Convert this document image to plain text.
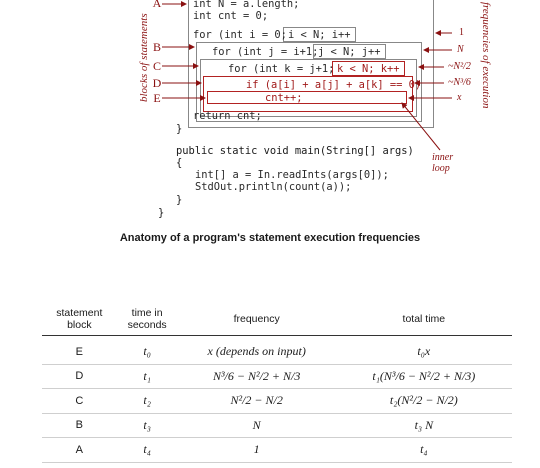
int N = a.length;
int cnt = 0;
for (int i = 0; i < N; i++
for (int j = i+1; j < N; j++
for (int k = j+1; k < N; k++
if (a[i] + a[j] + a[k] == 0)
cnt++;
return cnt;
}
public static void main(String[] args)
{
int[] a = In.readInts(args[0]);
StdOut.println(count(a));
}
}
A
B
C
D
E
blocks of statements	frequencies of execution
1
N
~N²/2
~N³/6
x
inner loop
Anatomy of a program's statement execution frequencies
statement block	time in seconds	frequency	total time
E	t₀	x (depends on input)	t₀x
D	t₁	N³/6 − N²/2 + N/3	t₁(N³/6 − N²/2 + N/3)
C	t₂	N²/2 − N/2	t₂(N²/2 − N/2)
B	t₃	N	t₃ N
A	t₄	1	t₄
